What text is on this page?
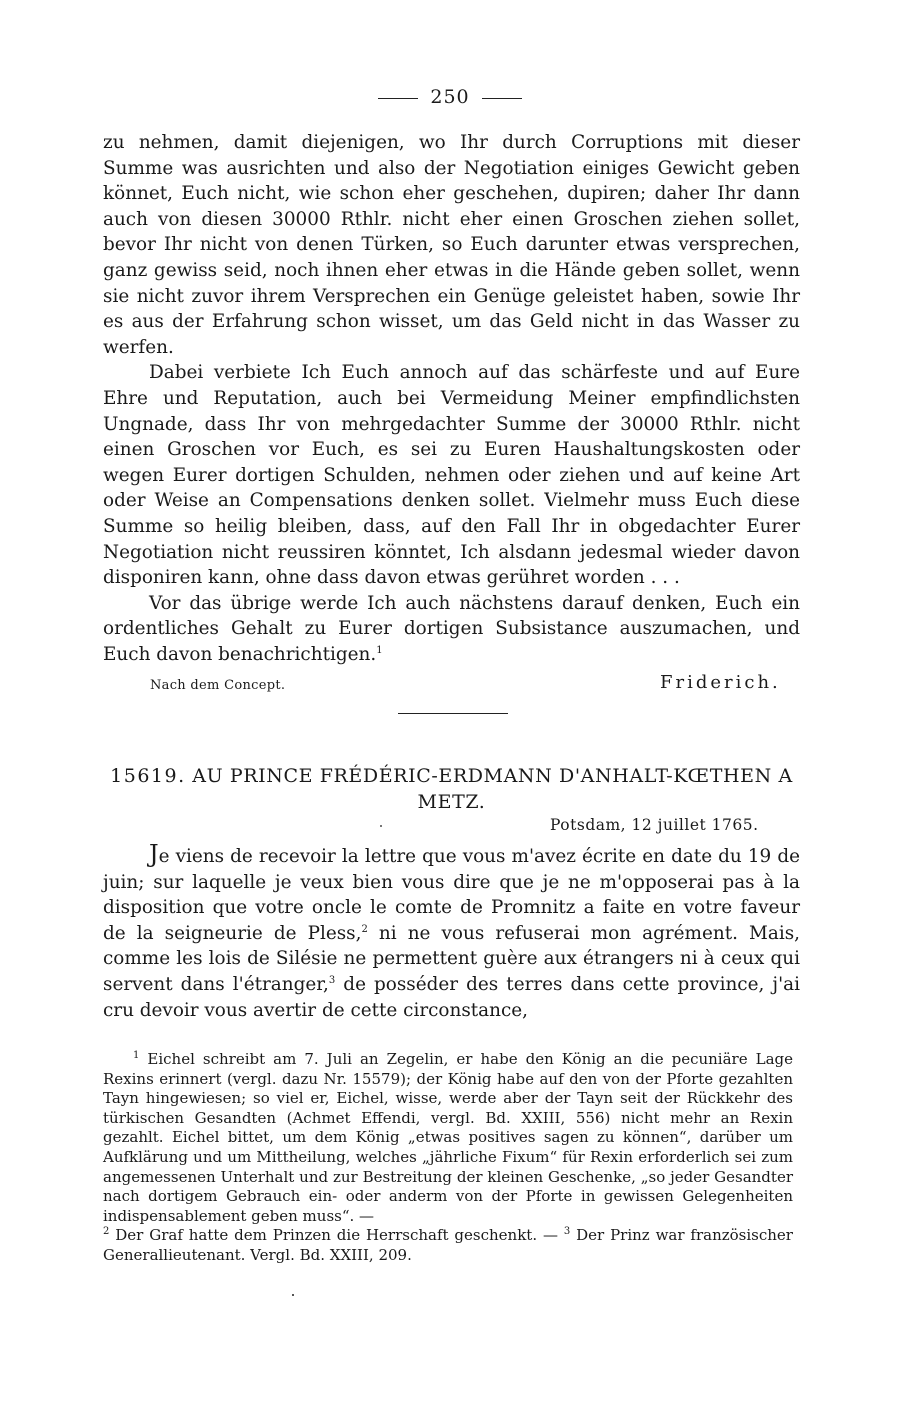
250

zu nehmen, damit diejenigen, wo Ihr durch Corruptions mit dieser Summe was ausrichten und also der Negotiation einiges Gewicht geben könnet, Euch nicht, wie schon eher geschehen, dupiren; daher Ihr dann auch von diesen 30000 Rthlr. nicht eher einen Groschen ziehen sollet, bevor Ihr nicht von denen Türken, so Euch darunter etwas versprechen, ganz gewiss seid, noch ihnen eher etwas in die Hände geben sollet, wenn sie nicht zuvor ihrem Versprechen ein Genüge geleistet haben, sowie Ihr es aus der Erfahrung schon wisset, um das Geld nicht in das Wasser zu werfen.

Dabei verbiete Ich Euch annoch auf das schärfeste und auf Eure Ehre und Reputation, auch bei Vermeidung Meiner empfindlichsten Ungnade, dass Ihr von mehrgedachter Summe der 30000 Rthlr. nicht einen Groschen vor Euch, es sei zu Euren Haushaltungskosten oder wegen Eurer dortigen Schulden, nehmen oder ziehen und auf keine Art oder Weise an Compensations denken sollet. Vielmehr muss Euch diese Summe so heilig bleiben, dass, auf den Fall Ihr in obgedachter Eurer Negotiation nicht reussiren könntet, Ich alsdann jedesmal wieder davon disponiren kann, ohne dass davon etwas gerühret worden . . .

Vor das übrige werde Ich auch nächstens darauf denken, Euch ein ordentliches Gehalt zu Eurer dortigen Subsistance auszumachen, und Euch davon benachrichtigen.$^1$

Nach dem Concept.	Friderich.
15619. AU PRINCE FRÉDÉRIC-ERDMANN D'ANHALT-KŒTHEN A METZ.
Potsdam, 12 juillet 1765.

Je viens de recevoir la lettre que vous m'avez écrite en date du 19 de juin; sur laquelle je veux bien vous dire que je ne m'opposerai pas à la disposition que votre oncle le comte de Promnitz a faite en votre faveur de la seigneurie de Pless,$^2$ ni ne vous refuserai mon agrément. Mais, comme les lois de Silésie ne permettent guère aux étrangers ni à ceux qui servent dans l'étranger,$^3$ de posséder des terres dans cette province, j'ai cru devoir vous avertir de cette circonstance,

$^1$ Eichel schreibt am 7. Juli an Zegelin, er habe den König an die pecuniäre Lage Rexins erinnert (vergl. dazu Nr. 15579); der König habe auf den von der Pforte gezahlten Tayn hingewiesen; so viel er, Eichel, wisse, werde aber der Tayn seit der Rückkehr des türkischen Gesandten (Achmet Effendi, vergl. Bd. XXIII, 556) nicht mehr an Rexin gezahlt. Eichel bittet, um dem König „etwas positives sagen zu können“, darüber um Aufklärung und um Mittheilung, welches „jährliche Fixum“ für Rexin erforderlich sei zum angemessenen Unterhalt und zur Bestreitung der kleinen Geschenke, „so jeder Gesandter nach dortigem Gebrauch ein- oder anderm von der Pforte in gewissen Gelegenheiten indispensablement geben muss“. —

$^2$ Der Graf hatte dem Prinzen die Herrschaft geschenkt. — $^3$ Der Prinz war französischer Generallieutenant. Vergl. Bd. XXIII, 209.
